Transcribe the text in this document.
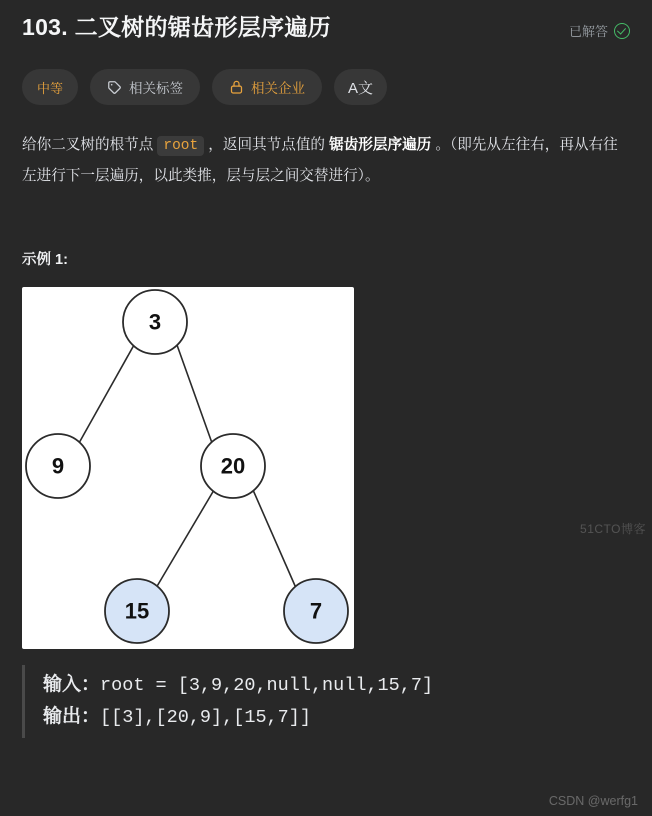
103. 二叉树的锯齿形层序遍历	已解答
中等	相关标签	相关企业	A文

给你二叉树的根节点 root ，返回其节点值的 锯齿形层序遍历 。（即先从左往右，再从右往左进行下一层遍历，以此类推，层与层之间交替进行）。

示例 1:
3
9	20
15	7
输入：root = [3,9,20,null,null,15,7]
输出：[[3],[20,9],[15,7]]
51CTO博客
CSDN @werfg1
